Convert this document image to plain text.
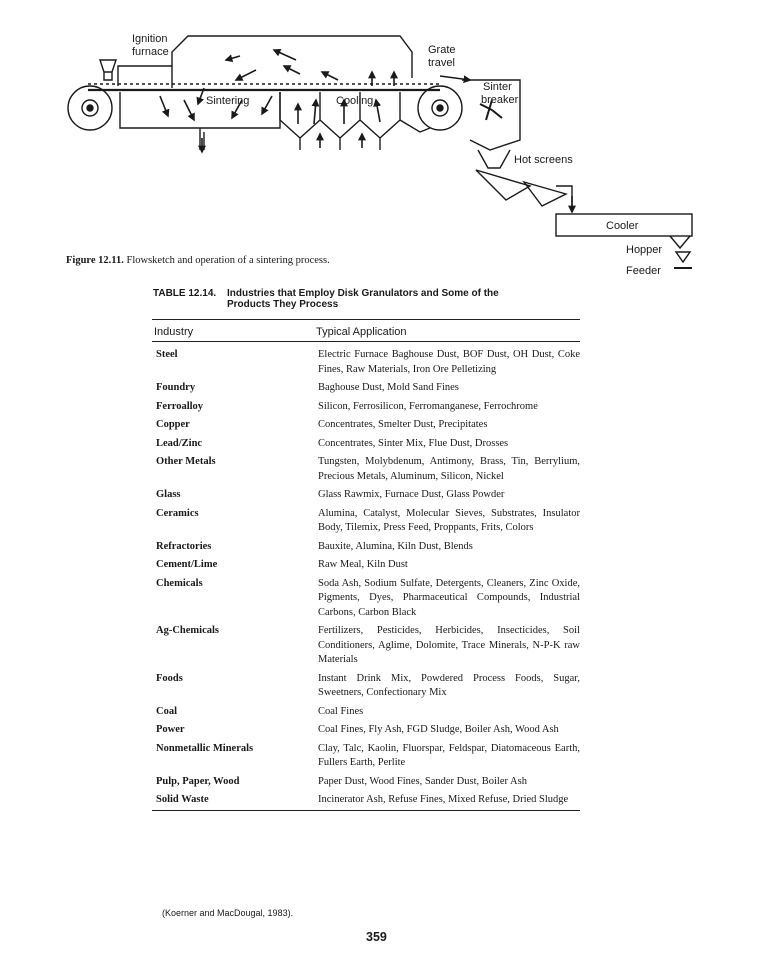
Ignition
furnace	Grate
travel
Sintering	Cooling
Sinter
breaker
Hot screens
Cooler
Hopper
Feeder
Figure 12.11. Flowsketch and operation of a sintering process.
TABLE 12.14. Industries that Employ Disk Granulators and Some of the
Products They Process
Industry	Typical Application
Steel	Electric Furnace Baghouse Dust, BOF Dust, OH Dust, Coke Fines, Raw Materials, Iron Ore Pelletizing
Foundry	Baghouse Dust, Mold Sand Fines
Ferroalloy	Silicon, Ferrosilicon, Ferromanganese, Ferrochrome
Copper	Concentrates, Smelter Dust, Precipitates
Lead/Zinc	Concentrates, Sinter Mix, Flue Dust, Drosses
Other Metals	Tungsten, Molybdenum, Antimony, Brass, Tin, Berrylium, Precious Metals, Aluminum, Silicon, Nickel
Glass	Glass Rawmix, Furnace Dust, Glass Powder
Ceramics	Alumina, Catalyst, Molecular Sieves, Substrates, Insulator Body, Tilemix, Press Feed, Proppants, Frits, Colors
Refractories	Bauxite, Alumina, Kiln Dust, Blends
Cement/Lime	Raw Meal, Kiln Dust
Chemicals	Soda Ash, Sodium Sulfate, Detergents, Cleaners, Zinc Oxide, Pigments, Dyes, Pharmaceutical Compounds, Industrial Carbons, Carbon Black
Ag-Chemicals	Fertilizers, Pesticides, Herbicides, Insecticides, Soil Conditioners, Aglime, Dolomite, Trace Minerals, N-P-K raw Materials
Foods	Instant Drink Mix, Powdered Process Foods, Sugar, Sweetners, Confectionary Mix
Coal	Coal Fines
Power	Coal Fines, Fly Ash, FGD Sludge, Boiler Ash, Wood Ash
Nonmetallic Minerals	Clay, Talc, Kaolin, Fluorspar, Feldspar, Diatomaceous Earth, Fullers Earth, Perlite
Pulp, Paper, Wood	Paper Dust, Wood Fines, Sander Dust, Boiler Ash
Solid Waste	Incinerator Ash, Refuse Fines, Mixed Refuse, Dried Sludge
(Koerner and MacDougal, 1983).
359
